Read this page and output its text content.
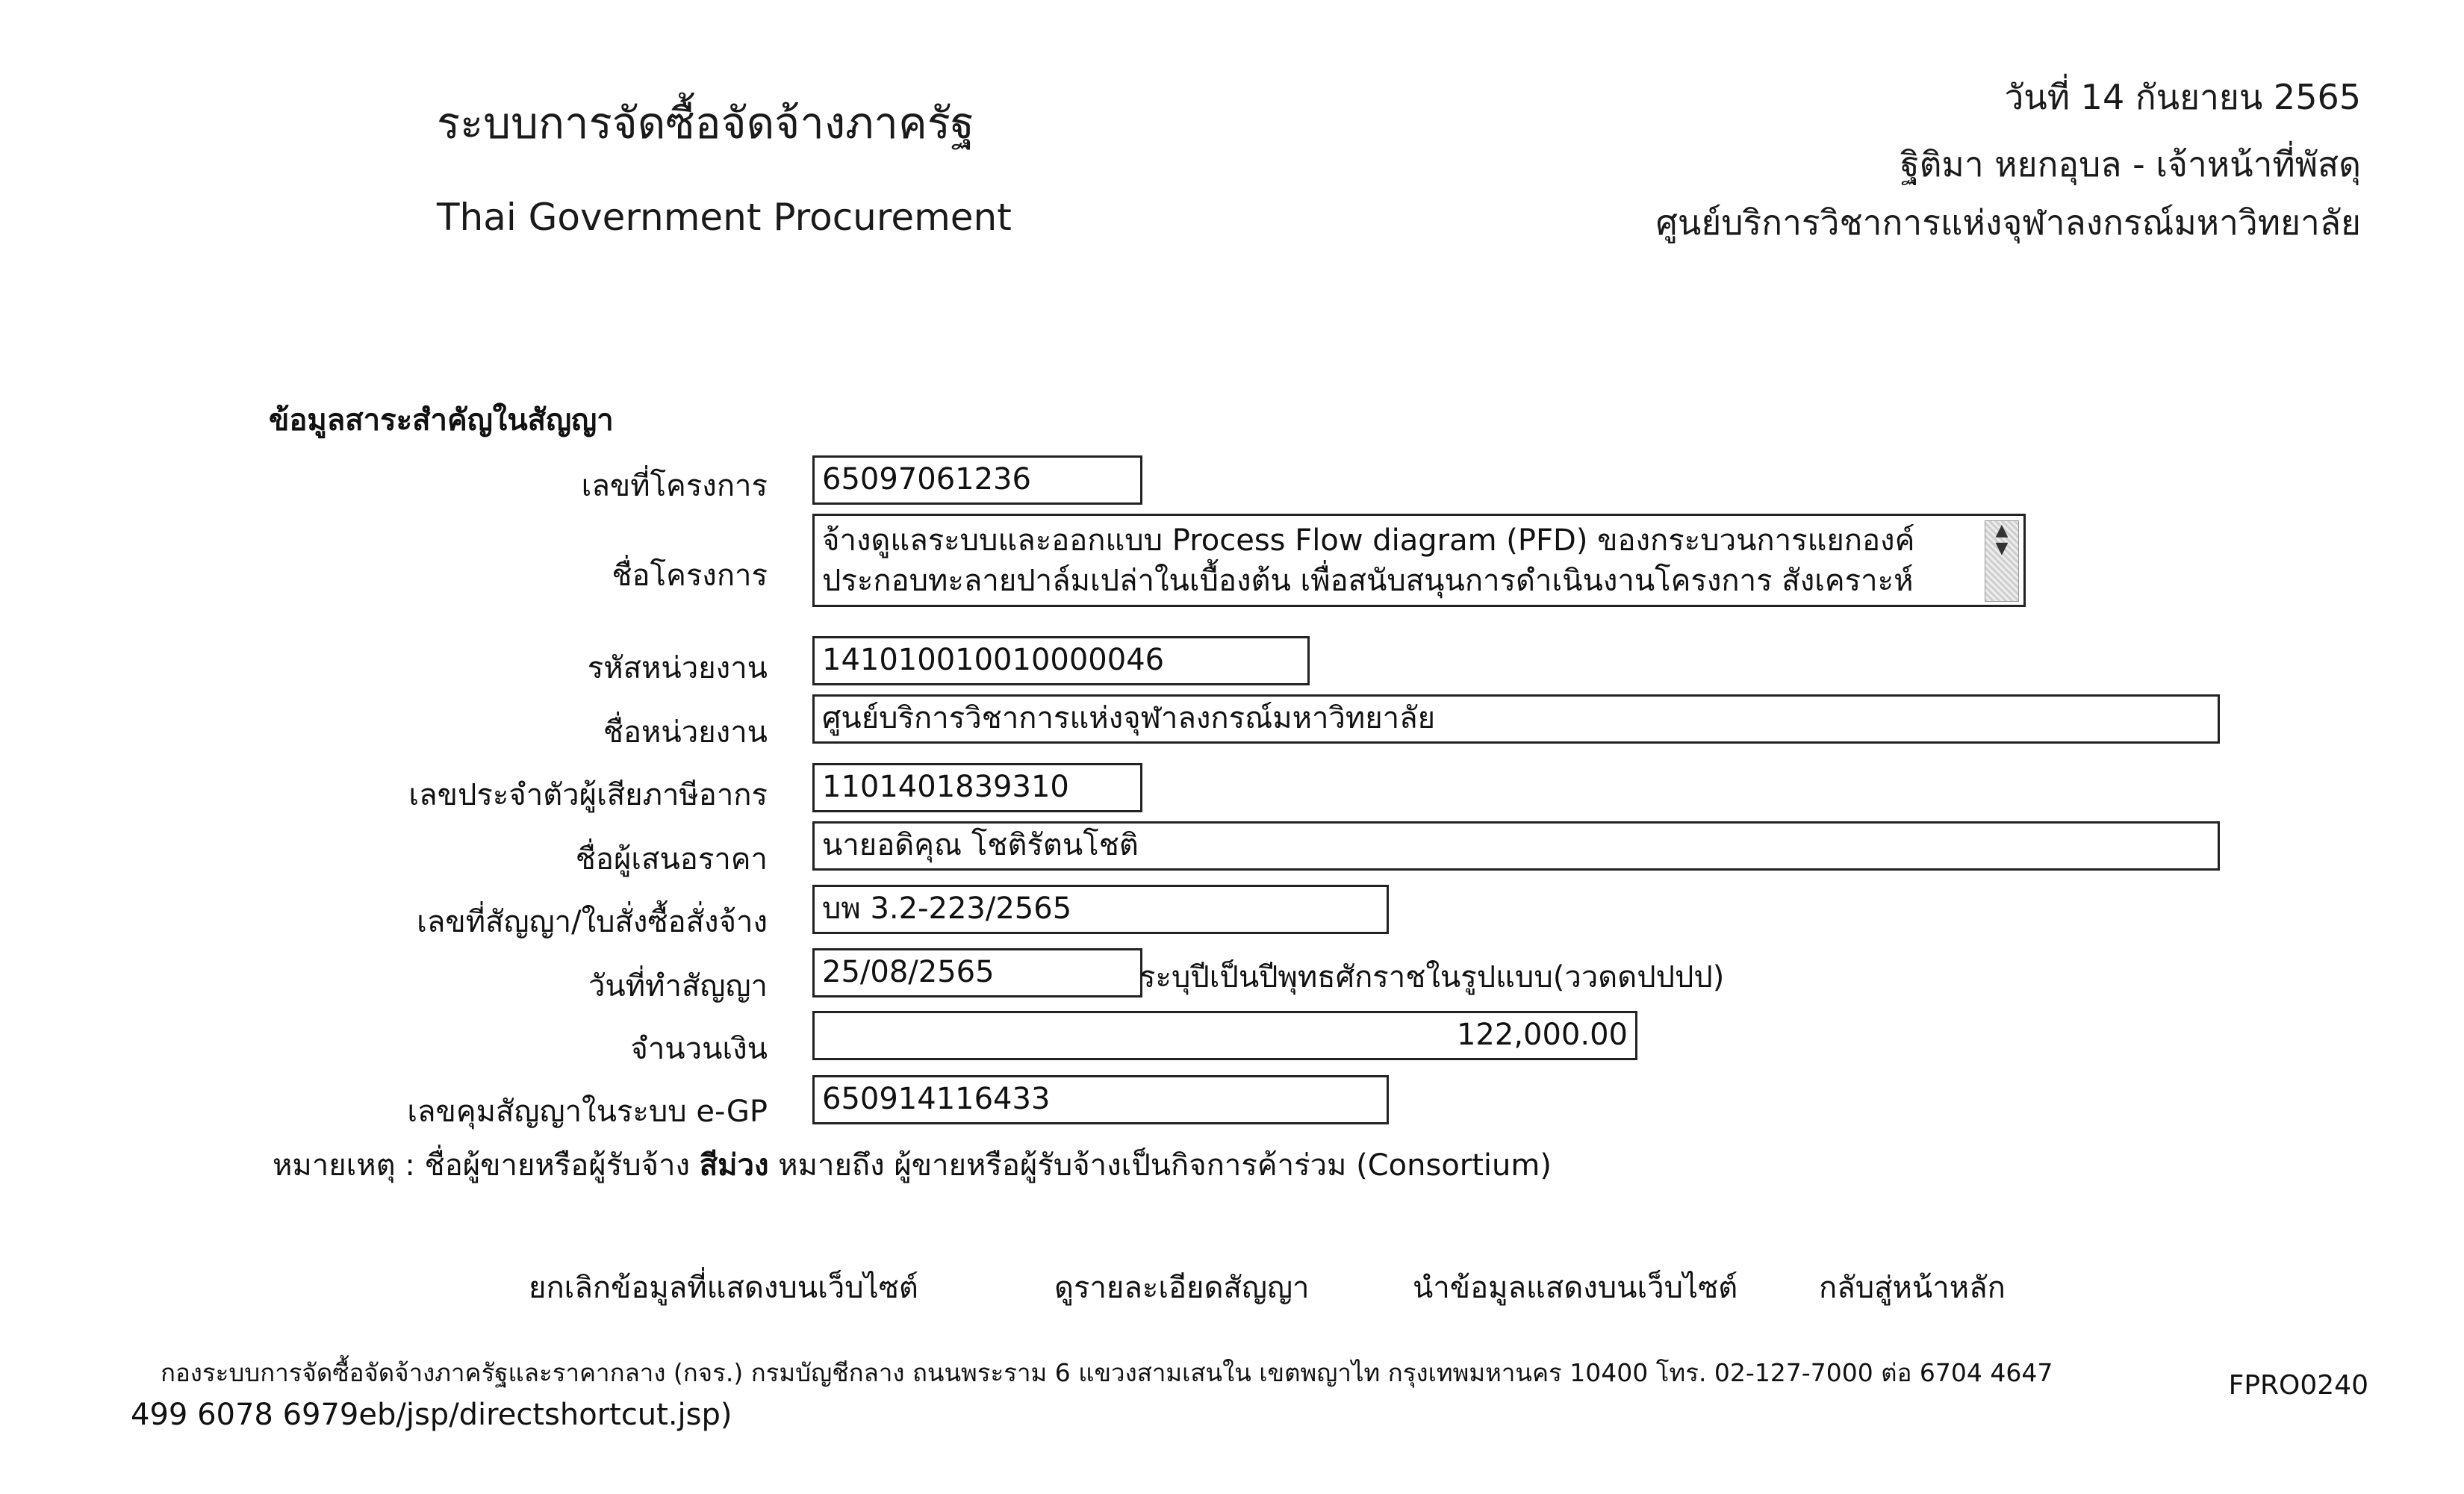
ระบบการจัดซื้อจัดจ้างภาครัฐ
Thai Government Procurement
วันที่ 14 กันยายน 2565
ฐิติมา หยกอุบล - เจ้าหน้าที่พัสดุ
ศูนย์บริการวิชาการแห่งจุฬาลงกรณ์มหาวิทยาลัย
ข้อมูลสาระสำคัญในสัญญา
เลขที่โครงการ	65097061236
ชื่อโครงการ
จ้างดูแลระบบและออกแบบ Process Flow diagram (PFD) ของกระบวนการแยกองค์
ประกอบทะลายปาล์มเปล่าในเบื้องต้น เพื่อสนับสนุนการดำเนินงานโครงการ สังเคราะห์
▲
▼
รหัสหน่วยงาน	141010010010000046
ชื่อหน่วยงาน	ศูนย์บริการวิชาการแห่งจุฬาลงกรณ์มหาวิทยาลัย
เลขประจำตัวผู้เสียภาษีอากร	1101401839310
ชื่อผู้เสนอราคา	นายอดิคุณ โชติรัตนโชติ
เลขที่สัญญา/ใบสั่งซื้อสั่งจ้าง	บพ 3.2-223/2565
วันที่ทำสัญญา	25/08/2565	ระบุปีเป็นปีพุทธศักราชในรูปแบบ(ววดดปปปป)
จำนวนเงิน	122,000.00
เลขคุมสัญญาในระบบ e-GP	650914116433
หมายเหตุ : ชื่อผู้ขายหรือผู้รับจ้าง สีม่วง หมายถึง ผู้ขายหรือผู้รับจ้างเป็นกิจการค้าร่วม (Consortium)
ยกเลิกข้อมูลที่แสดงบนเว็บไซต์	ดูรายละเอียดสัญญา	นำข้อมูลแสดงบนเว็บไซต์	กลับสู่หน้าหลัก
กองระบบการจัดซื้อจัดจ้างภาครัฐและราคากลาง (กจร.) กรมบัญชีกลาง ถนนพระราม 6 แขวงสามเสนใน เขตพญาไท กรุงเทพมหานคร 10400 โทร. 02-127-7000 ต่อ 6704 4647	FPRO0240
499 6078 6979eb/jsp/directshortcut.jsp)
